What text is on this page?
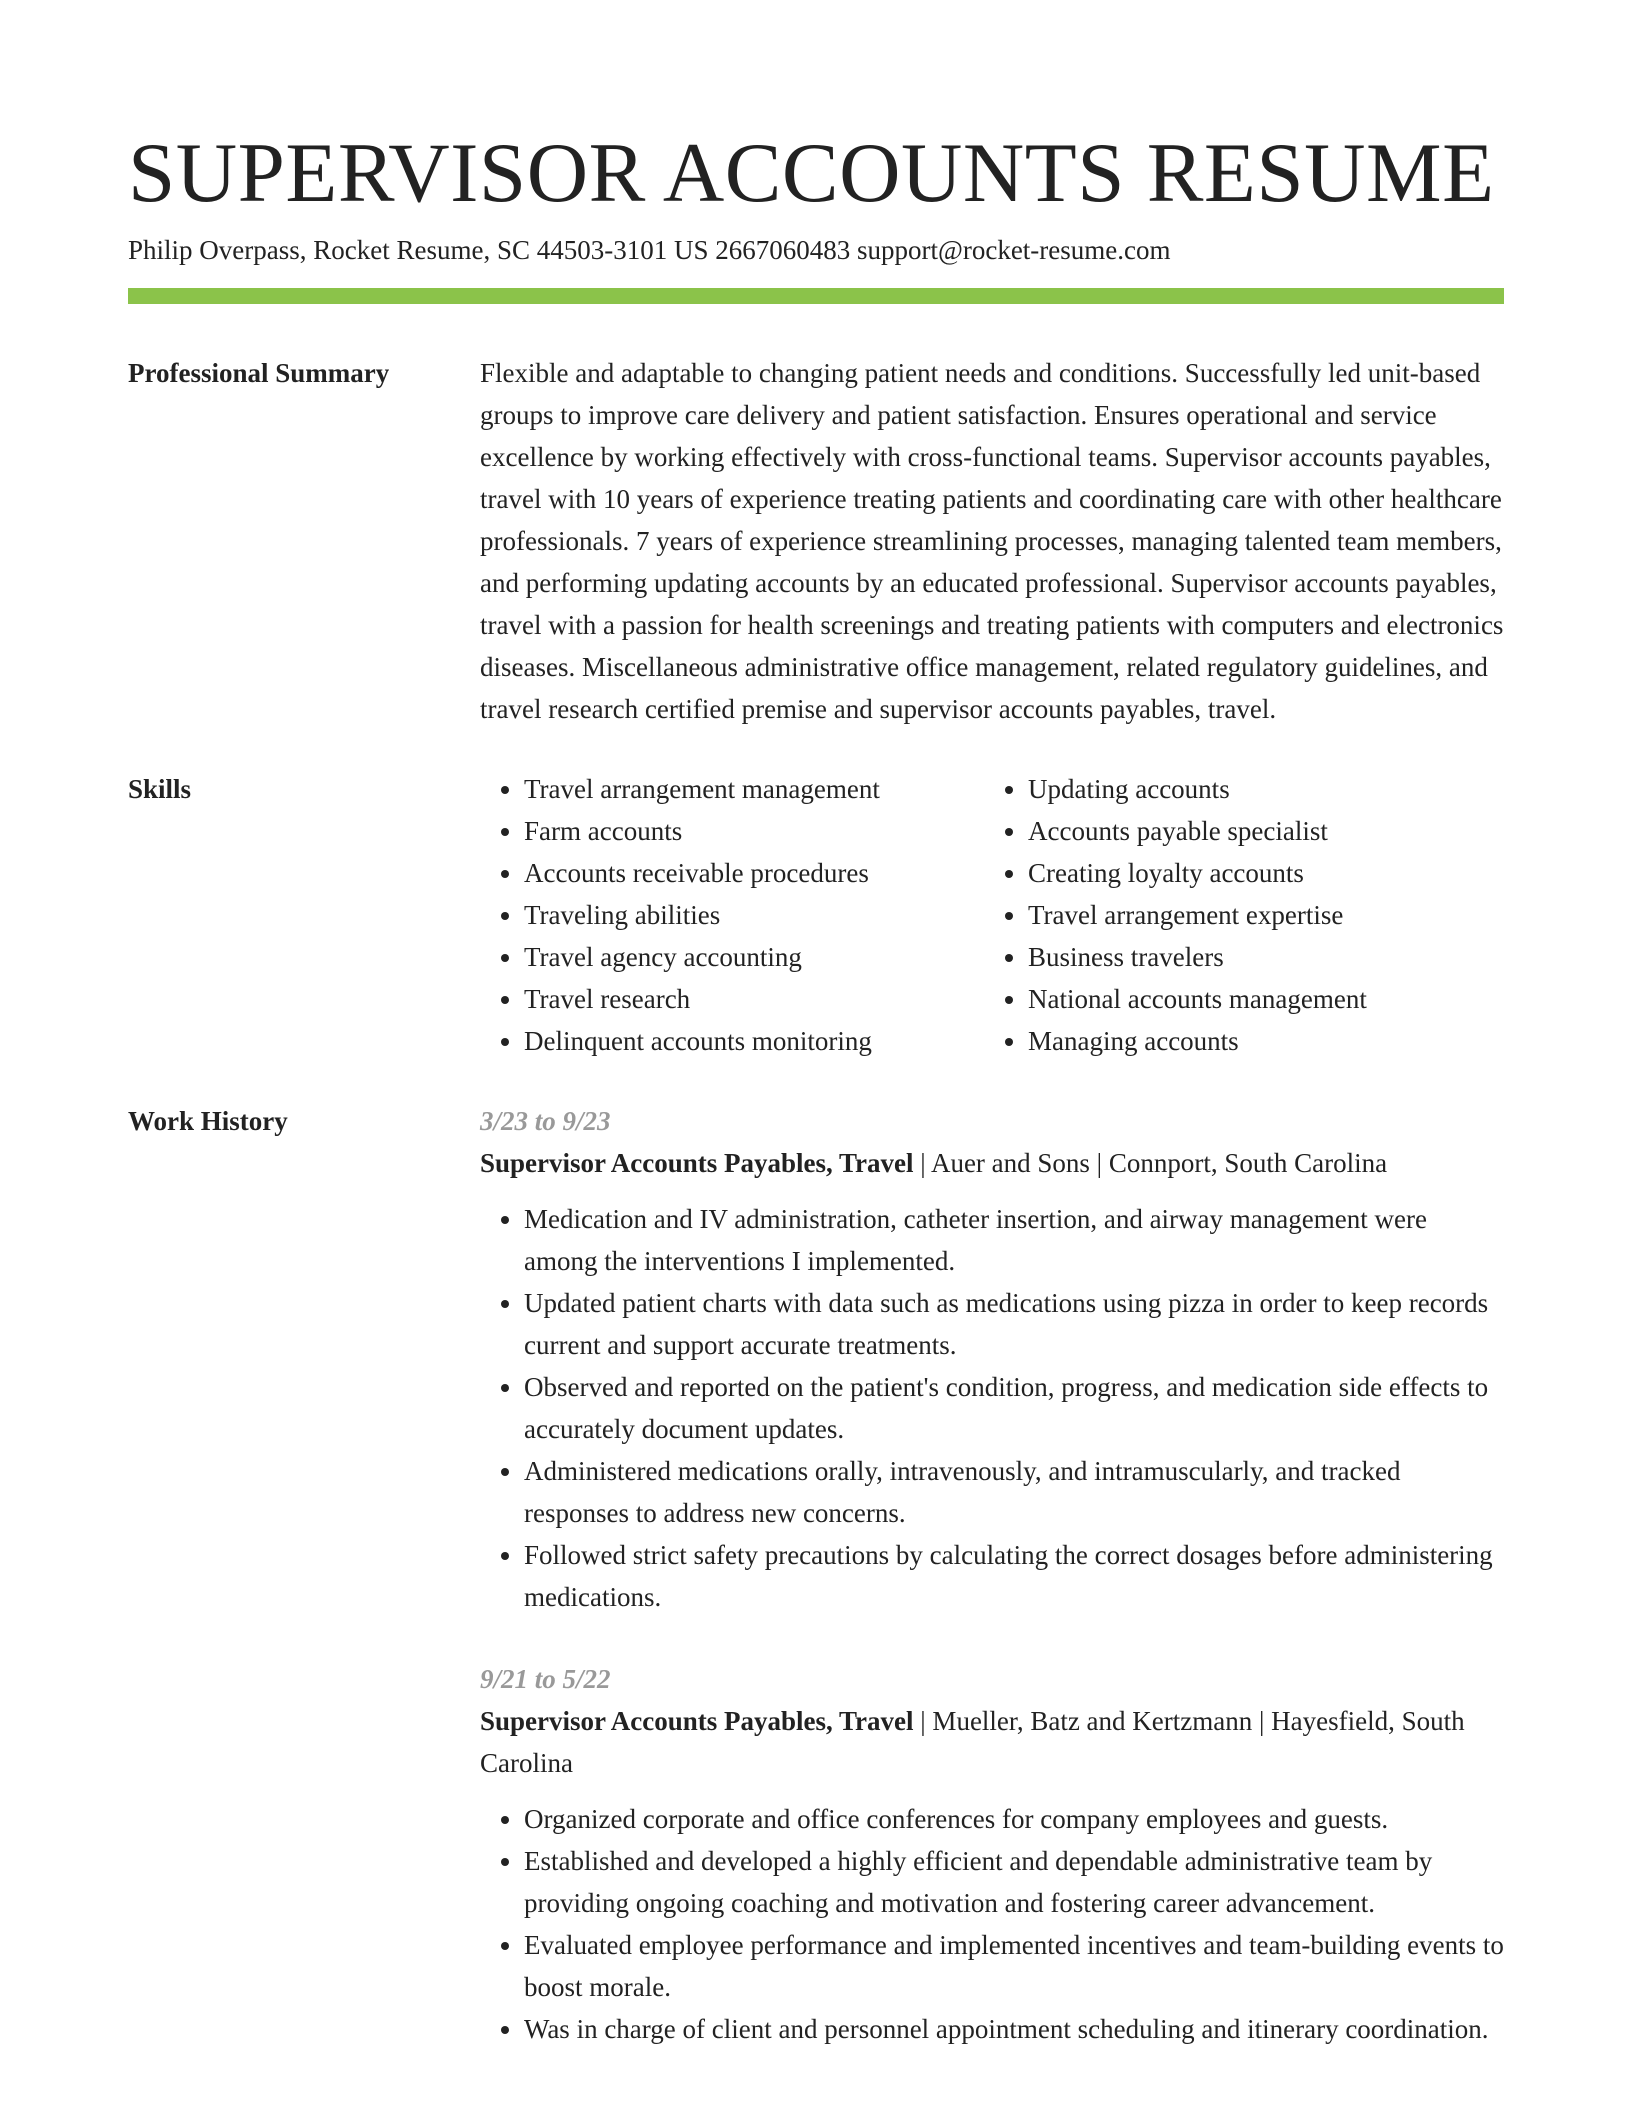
SUPERVISOR ACCOUNTS RESUME
Philip Overpass, Rocket Resume, SC 44503-3101 US 2667060483 support@rocket-resume.com
Professional Summary	Flexible and adaptable to changing patient needs and conditions. Successfully led unit-based groups to improve care delivery and patient satisfaction. Ensures operational and service excellence by working effectively with cross-functional teams. Supervisor accounts payables, travel with 10 years of experience treating patients and coordinating care with other healthcare professionals. 7 years of experience streamlining processes, managing talented team members, and performing updating accounts by an educated professional. Supervisor accounts payables, travel with a passion for health screenings and treating patients with computers and electronics diseases. Miscellaneous administrative office management, related regulatory guidelines, and travel research certified premise and supervisor accounts payables, travel.

Skills
•	Travel arrangement management
• Farm accounts
• Accounts receivable procedures
• Traveling abilities
• Travel agency accounting
• Travel research
• Delinquent accounts monitoring
• Updating accounts
• Accounts payable specialist
• Creating loyalty accounts
• Travel arrangement expertise
• Business travelers
• National accounts management
• Managing accounts
Work History	3/23 to 9/23
Supervisor Accounts Payables, Travel | Auer and Sons | Connport, South Carolina
• Medication and IV administration, catheter insertion, and airway management were among the interventions I implemented.
• Updated patient charts with data such as medications using pizza in order to keep records current and support accurate treatments.
• Observed and reported on the patient's condition, progress, and medication side effects to accurately document updates.
• Administered medications orally, intravenously, and intramuscularly, and tracked responses to address new concerns.
• Followed strict safety precautions by calculating the correct dosages before administering medications.
9/21 to 5/22
Supervisor Accounts Payables, Travel | Mueller, Batz and Kertzmann | Hayesfield, South Carolina
• Organized corporate and office conferences for company employees and guests.
• Established and developed a highly efficient and dependable administrative team by providing ongoing coaching and motivation and fostering career advancement.
• Evaluated employee performance and implemented incentives and team-building events to boost morale.
• Was in charge of client and personnel appointment scheduling and itinerary coordination.
